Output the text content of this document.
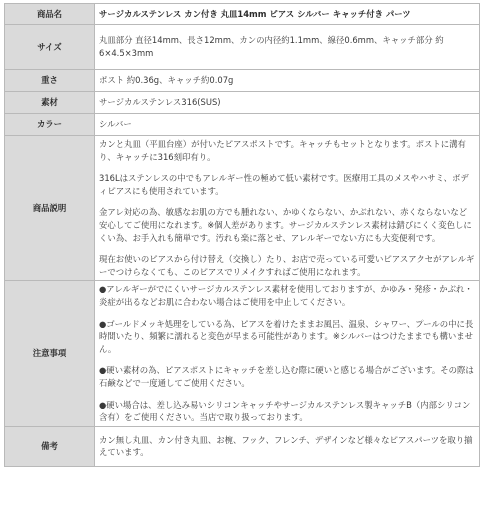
商品名	サージカルステンレス カン付き 丸皿14mm ピアス シルバー キャッチ付き パーツ
サイズ	丸皿部分 直径14mm、長さ12mm、カンの内径約1.1mm、線径0.6mm、キャッチ部分 約6×4.5×3mm
重さ	ポスト 約0.36g、キャッチ約0.07g
素材	サージカルステンレス316(SUS)
カラー	シルバー
商品説明	カンと丸皿（平皿台座）が付いたピアスポストです。キャッチもセットとなります。ポストに溝有り、キャッチに316刻印有り。

316Lはステンレスの中でもアレルギー性の極めて低い素材です。医療用工具のメスやハサミ、ボディピアスにも使用されています。

金アレ対応の為、敏感なお肌の方でも腫れない、かゆくならない、かぶれない、赤くならないなど安心してご使用になれます。※個人差があります。サージカルステンレス素材は錆びにくく変色しにくい為、お手入れも簡単です。汚れも楽に落とせ、アレルギーでない方にも大変便利です。

現在お使いのピアスから付け替え（交換し）たり、お店で売っている可愛いピアスアクセがアレルギーでつけらなくても、このピアスでリメイクすればご使用になれます。

注意事項	●アレルギーがでにくいサージカルステンレス素材を使用しておりますが、かゆみ・発疹・かぶれ・炎症が出るなどお肌に合わない場合はご使用を中止してください。

●ゴールドメッキ処理をしている為、ピアスを着けたままお風呂、温泉、シャワー、プールの中に長時間いたり、頻繁に濡れると変色が早まる可能性があります。※シルバーはつけたままでも構いません。

●硬い素材の為、ピアスポストにキャッチを差し込む際に硬いと感じる場合がございます。その際は石鹸などで一度通してご使用ください。

●硬い場合は、差し込み易いシリコンキャッチやサージカルステンレス製キャッチB（内部シリコン含有）をご使用ください。当店で取り扱っております。

備考	カン無し丸皿、カン付き丸皿、お椀、フック、フレンチ、デザインなど様々なピアスパーツを取り揃えています。
